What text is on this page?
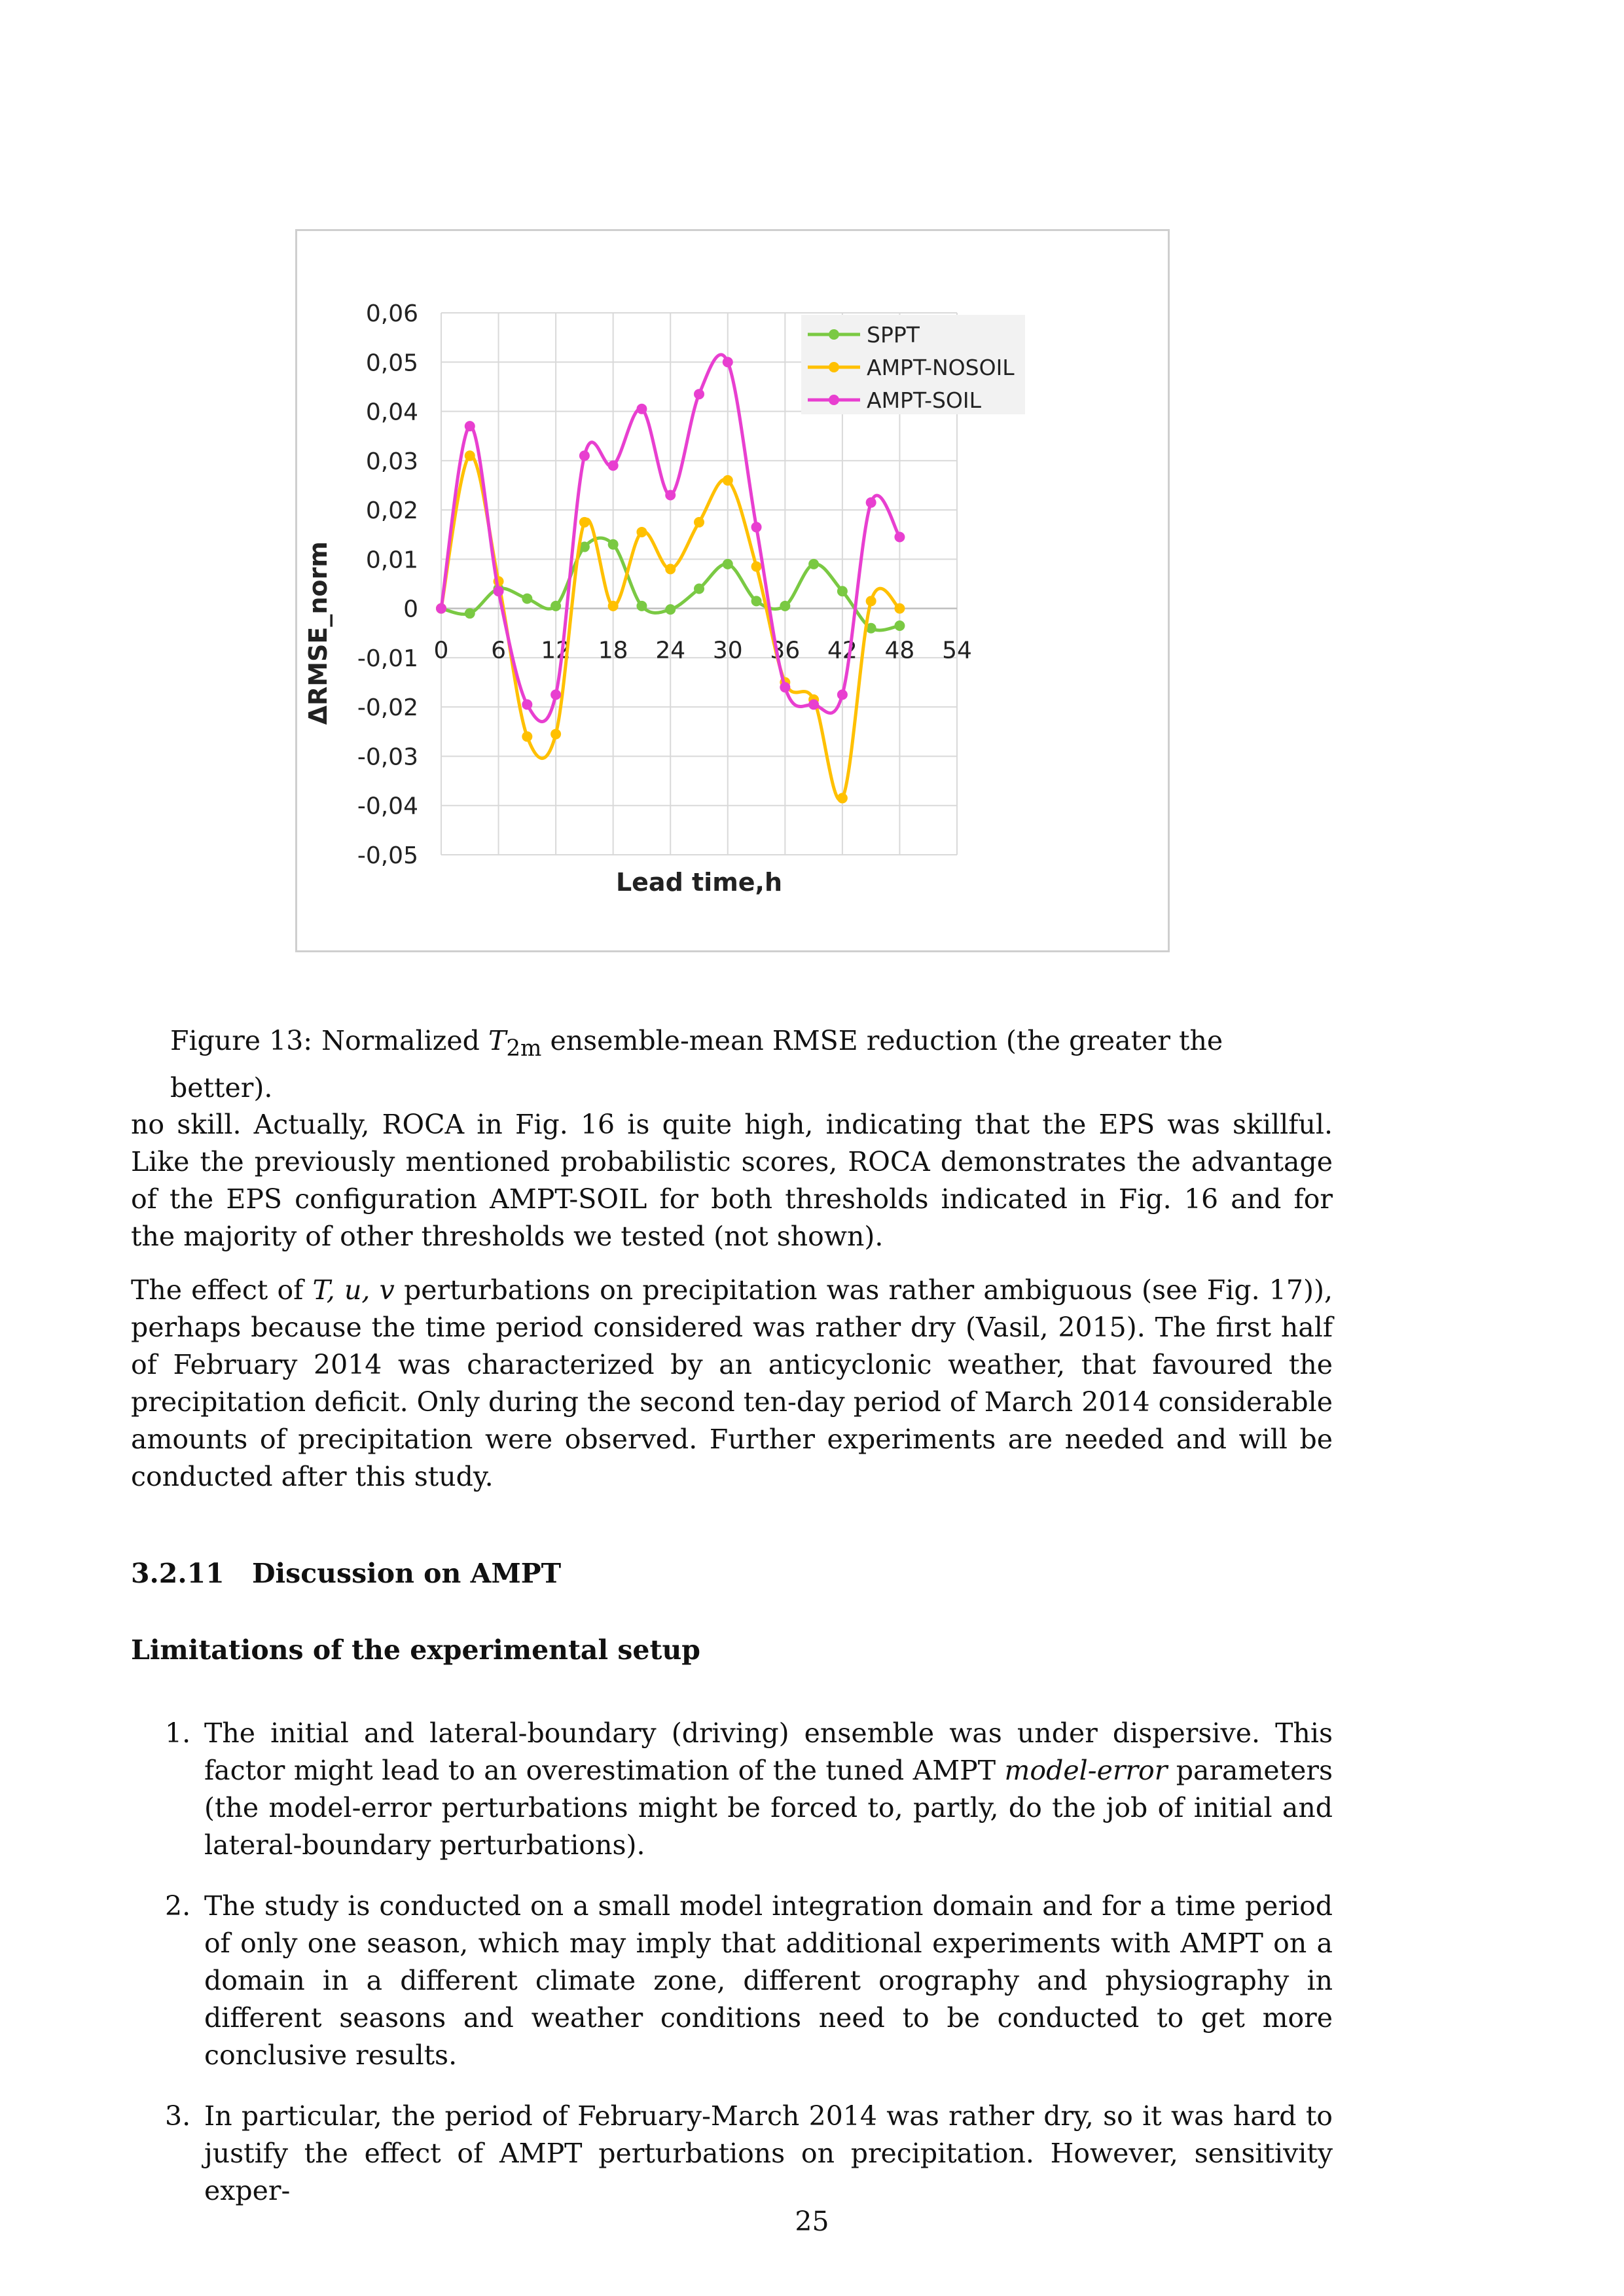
0,06
0,05
0,04
0,03
0,02
0,01
0
-0,01
-0,02
-0,03
-0,04
-0,05
0 6 12 18 24 30 36 42 48 54
Lead time,h
ΔRMSE_norm
SPPT
AMPT-NOSOIL
AMPT-SOIL
Figure 13: Normalized $T_{2m}$ ensemble-mean RMSE reduction (the greater the better).
no skill. Actually, ROCA in Fig. 16 is quite high, indicating that the EPS was skillful. Like the previously mentioned probabilistic scores, ROCA demonstrates the advantage of the EPS configuration AMPT-SOIL for both thresholds indicated in Fig. 16 and for the majority of other thresholds we tested (not shown).
The effect of T, u, v perturbations on precipitation was rather ambiguous (see Fig. 17)), perhaps because the time period considered was rather dry (Vasil, 2015). The first half of February 2014 was characterized by an anticyclonic weather, that favoured the precipitation deficit. Only during the second ten-day period of March 2014 considerable amounts of precipitation were observed. Further experiments are needed and will be conducted after this study.
3.2.11 Discussion on AMPT
Limitations of the experimental setup
1. The initial and lateral-boundary (driving) ensemble was under dispersive. This factor might lead to an overestimation of the tuned AMPT model-error parameters (the model-error perturbations might be forced to, partly, do the job of initial and lateral-boundary perturbations).
2. The study is conducted on a small model integration domain and for a time period of only one season, which may imply that additional experiments with AMPT on a domain in a different climate zone, different orography and physiography in different seasons and weather conditions need to be conducted to get more conclusive results.
3. In particular, the period of February-March 2014 was rather dry, so it was hard to justify the effect of AMPT perturbations on precipitation. However, sensitivity exper-
25
